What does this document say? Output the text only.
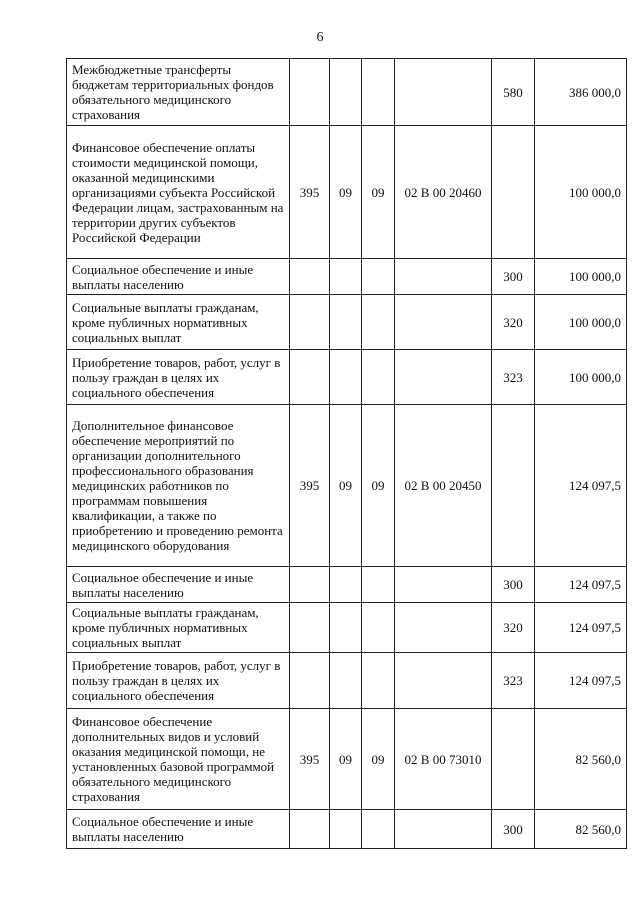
6
Межбюджетные трансферты бюджетам территориальных фондов обязательного медицинского страхования					580	386 000,0
Финансовое обеспечение оплаты стоимости медицинской помощи, оказанной медицинскими организациями субъекта Российской Федерации лицам, застрахованным на территории других субъектов Российской Федерации	395	09	09	02 В 00 20460		100 000,0
Социальное обеспечение и иные выплаты населению					300	100 000,0
Социальные выплаты гражданам, кроме публичных нормативных социальных выплат					320	100 000,0
Приобретение товаров, работ, услуг в пользу граждан в целях их социального обеспечения					323	100 000,0
Дополнительное финансовое обеспечение мероприятий по организации дополнительного профессионального образования медицинских работников по программам повышения квалификации, а также по приобретению и проведению ремонта медицинского оборудования	395	09	09	02 В 00 20450		124 097,5
Социальное обеспечение и иные выплаты населению					300	124 097,5
Социальные выплаты гражданам, кроме публичных нормативных социальных выплат					320	124 097,5
Приобретение товаров, работ, услуг в пользу граждан в целях их социального обеспечения					323	124 097,5
Финансовое обеспечение дополнительных видов и условий оказания медицинской помощи, не установленных базовой программой обязательного медицинского страхования	395	09	09	02 В 00 73010		82 560,0
Социальное обеспечение и иные выплаты населению					300	82 560,0
